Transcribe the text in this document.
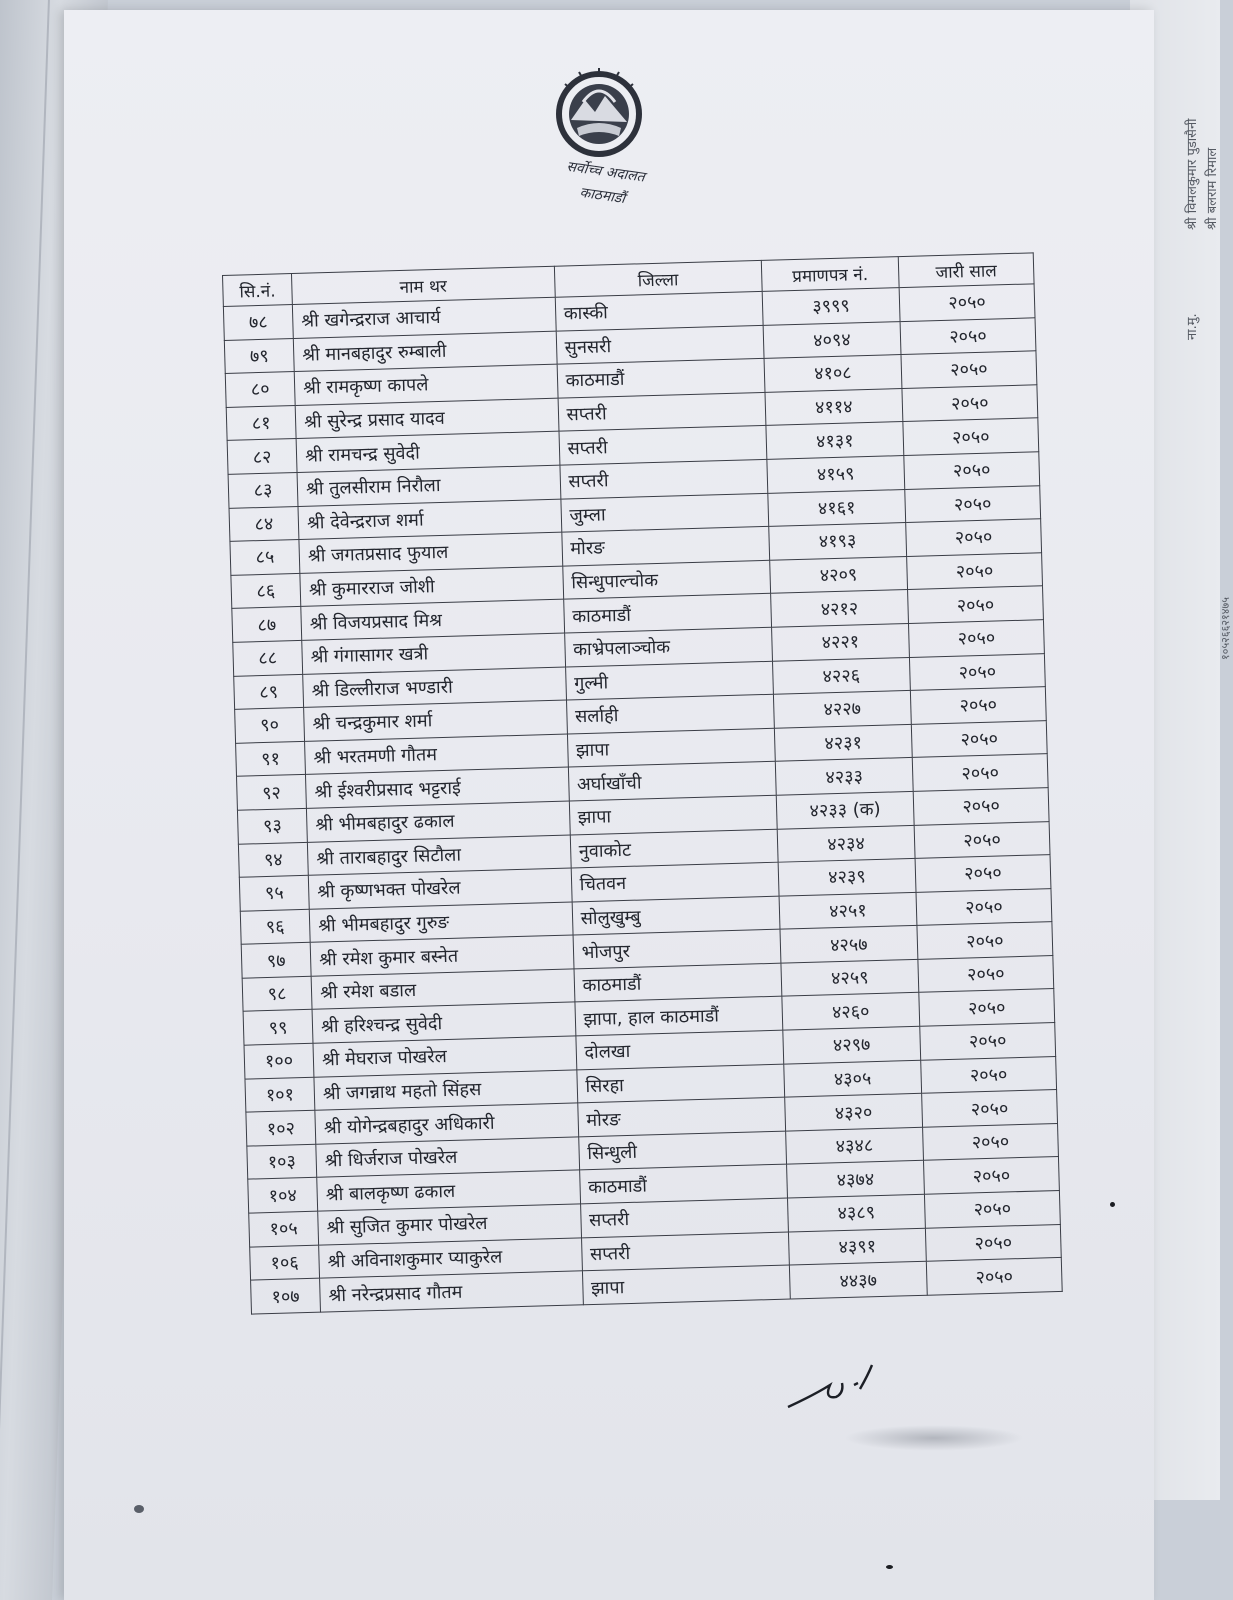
श्री विमलकुमार पुडासैनी श्री बलराम रिमाल
ना.मु.
१०५२६६२१४७५
सर्वोच्च अदालत
काठमाडौं
सि.नं.	नाम थर	जिल्ला	प्रमाणपत्र नं.	जारी साल
७८	श्री खगेन्द्रराज आचार्य	कास्की	३९९९	२०५०
७९	श्री मानबहादुर रुम्बाली	सुनसरी	४०९४	२०५०
८०	श्री रामकृष्ण कापले	काठमाडौं	४१०८	२०५०
८१	श्री सुरेन्द्र प्रसाद यादव	सप्तरी	४११४	२०५०
८२	श्री रामचन्द्र सुवेदी	सप्तरी	४१३१	२०५०
८३	श्री तुलसीराम निरौला	सप्तरी	४१५९	२०५०
८४	श्री देवेन्द्रराज शर्मा	जुम्ला	४१६१	२०५०
८५	श्री जगतप्रसाद फुयाल	मोरङ	४१९३	२०५०
८६	श्री कुमारराज जोशी	सिन्धुपाल्चोक	४२०९	२०५०
८७	श्री विजयप्रसाद मिश्र	काठमाडौं	४२१२	२०५०
८८	श्री गंगासागर खत्री	काभ्रेपलाञ्चोक	४२२१	२०५०
८९	श्री डिल्लीराज भण्डारी	गुल्मी	४२२६	२०५०
९०	श्री चन्द्रकुमार शर्मा	सर्लाही	४२२७	२०५०
९१	श्री भरतमणी गौतम	झापा	४२३१	२०५०
९२	श्री ईश्वरीप्रसाद भट्टराई	अर्घाखाँची	४२३३	२०५०
९३	श्री भीमबहादुर ढकाल	झापा	४२३३ (क)	२०५०
९४	श्री ताराबहादुर सिटौला	नुवाकोट	४२३४	२०५०
९५	श्री कृष्णभक्त पोखरेल	चितवन	४२३९	२०५०
९६	श्री भीमबहादुर गुरुङ	सोलुखुम्बु	४२५१	२०५०
९७	श्री रमेश कुमार बस्नेत	भोजपुर	४२५७	२०५०
९८	श्री रमेश बडाल	काठमाडौं	४२५९	२०५०
९९	श्री हरिश्चन्द्र सुवेदी	झापा, हाल काठमाडौं	४२६०	२०५०
१००	श्री मेघराज पोखरेल	दोलखा	४२९७	२०५०
१०१	श्री जगन्नाथ महतो सिंहस	सिरहा	४३०५	२०५०
१०२	श्री योगेन्द्रबहादुर अधिकारी	मोरङ	४३२०	२०५०
१०३	श्री धिर्जराज पोखरेल	सिन्धुली	४३४८	२०५०
१०४	श्री बालकृष्ण ढकाल	काठमाडौं	४३७४	२०५०
१०५	श्री सुजित कुमार पोखरेल	सप्तरी	४३८९	२०५०
१०६	श्री अविनाशकुमार प्याकुरेल	सप्तरी	४३९१	२०५०
१०७	श्री नरेन्द्रप्रसाद गौतम	झापा	४४३७	२०५०
